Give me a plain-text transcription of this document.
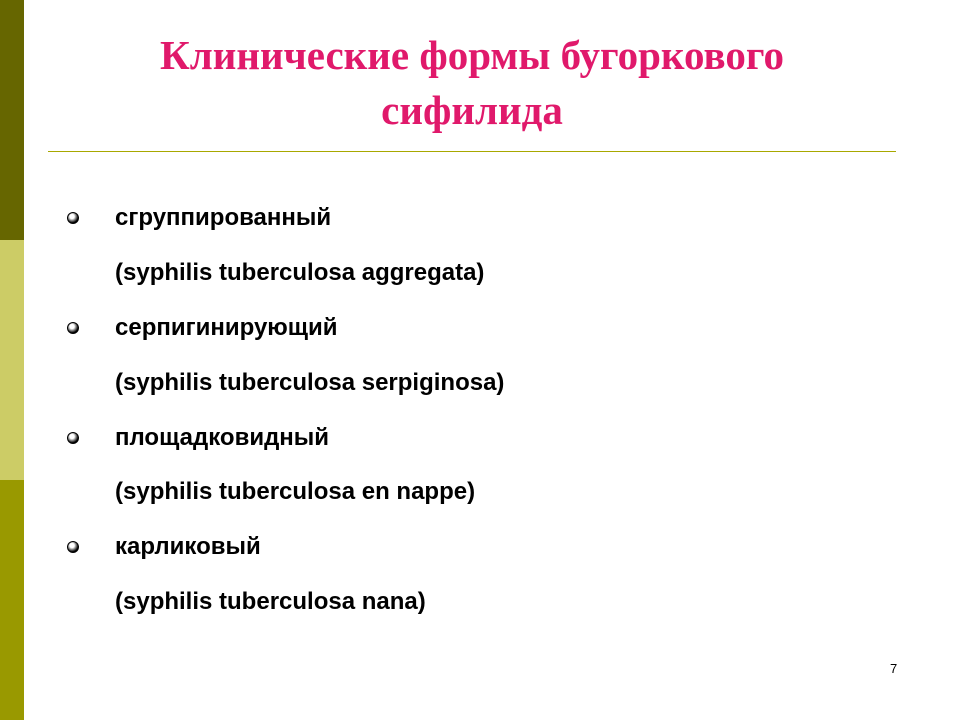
Клинические формы бугоркового
сифилида
сгруппированный
(syphilis tuberculosa aggregata)
серпигинирующий
(syphilis tuberculosa serpiginosa)
площадковидный
(syphilis tuberculosa en nappe)
карликовый
(syphilis tuberculosa nana)
7
